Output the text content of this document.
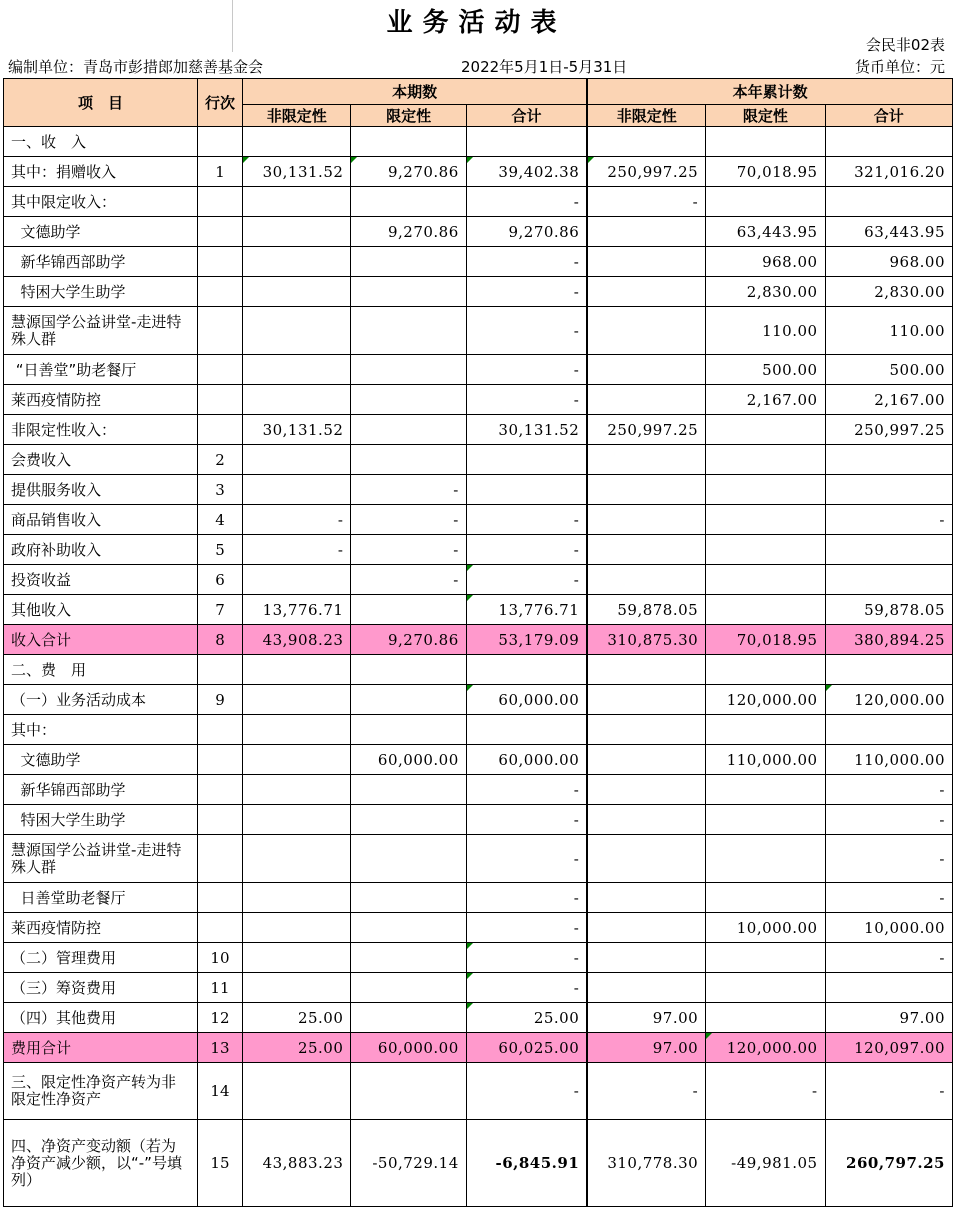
业务活动表
会民非02表
编制单位：青岛市彭措郎加慈善基金会	2022年5月1日-5月31日	货币单位：元
项　目	行次	本期数			本年累计数		
		非限定性	限定性	合计	非限定性	限定性	合计
一、收　入							
其中：捐赠收入	1	30,131.52	9,270.86	39,402.38	250,997.25	70,018.95	321,016.20
其中限定收入：				-	-		
文德助学			9,270.86	9,270.86		63,443.95	63,443.95
新华锦西部助学				-		968.00	968.00
特困大学生助学				-		2,830.00	2,830.00
慧源国学公益讲堂-走进特殊人群				-		110.00	110.00
“日善堂”助老餐厅				-		500.00	500.00
莱西疫情防控				-		2,167.00	2,167.00
非限定性收入：		30,131.52		30,131.52	250,997.25		250,997.25
会费收入	2						
提供服务收入	3		-				
商品销售收入	4	-	-	-			-
政府补助收入	5	-	-	-			
投资收益	6		-	-			
其他收入	7	13,776.71		13,776.71	59,878.05		59,878.05
收入合计	8	43,908.23	9,270.86	53,179.09	310,875.30	70,018.95	380,894.25
二、费　用							
（一）业务活动成本	9			60,000.00		120,000.00	120,000.00
其中：							
文德助学			60,000.00	60,000.00		110,000.00	110,000.00
新华锦西部助学				-			-
特困大学生助学				-			-
慧源国学公益讲堂-走进特殊人群				-			-
日善堂助老餐厅				-			-
莱西疫情防控				-		10,000.00	10,000.00
（二）管理费用	10			-			-
（三）筹资费用	11			-			
（四）其他费用	12	25.00		25.00	97.00		97.00
费用合计	13	25.00	60,000.00	60,025.00	97.00	120,000.00	120,097.00
三、限定性净资产转为非限定性净资产	14			-	-	-	-
四、净资产变动额（若为净资产减少额，以“-”号填列）	15	43,883.23	-50,729.14	-6,845.91	310,778.30	-49,981.05	260,797.25
